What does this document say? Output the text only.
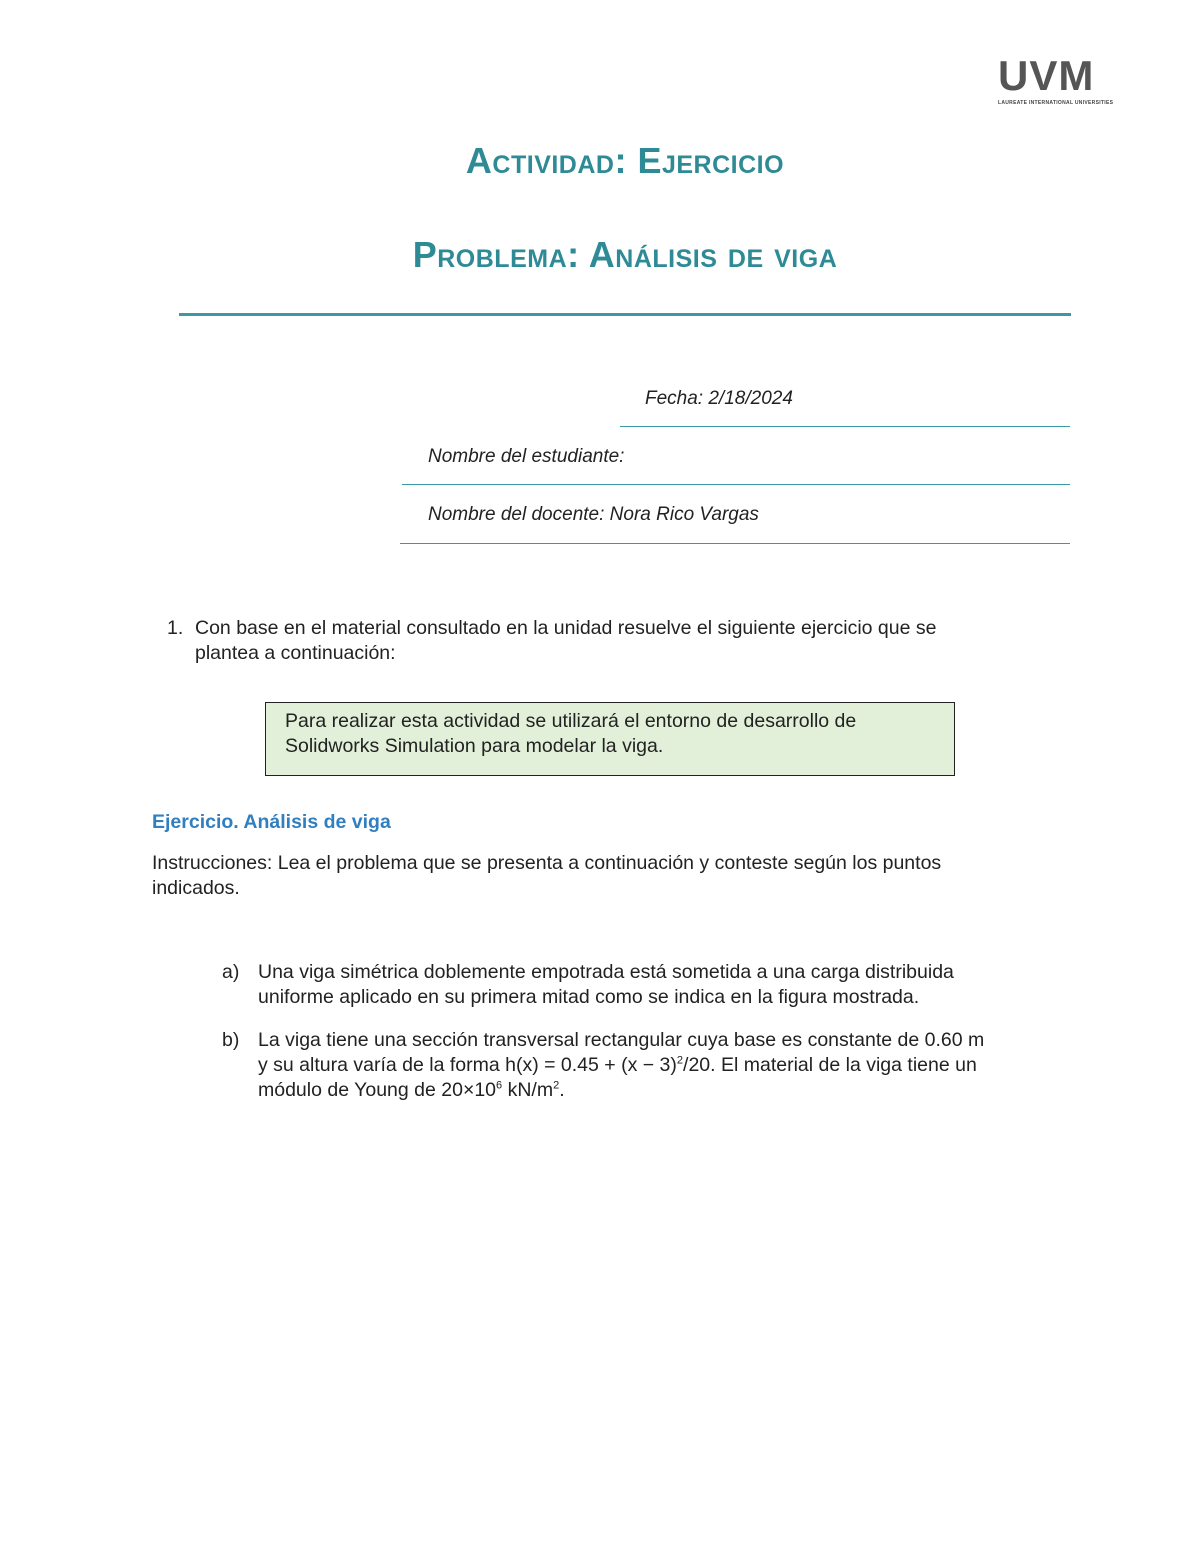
UVM
LAUREATE INTERNATIONAL UNIVERSITIES
Actividad: Ejercicio
Problema: Análisis de viga
Fecha: 2/18/2024
Nombre del estudiante:
Nombre del docente: Nora Rico Vargas
1. Con base en el material consultado en la unidad resuelve el siguiente ejercicio que se
plantea a continuación:
Para realizar esta actividad se utilizará el entorno de desarrollo de
Solidworks Simulation para modelar la viga.
Ejercicio. Análisis de viga
Instrucciones: Lea el problema que se presenta a continuación y conteste según los puntos
indicados.
a) Una viga simétrica doblemente empotrada está sometida a una carga distribuida
uniforme aplicado en su primera mitad como se indica en la figura mostrada.
b) La viga tiene una sección transversal rectangular cuya base es constante de 0.60 m
y su altura varía de la forma $h(x) = 0.45 + (x - 3)^2/20$. El material de la viga tiene un
módulo de Young de $20\times 10^6$ $kN/m^2$.
